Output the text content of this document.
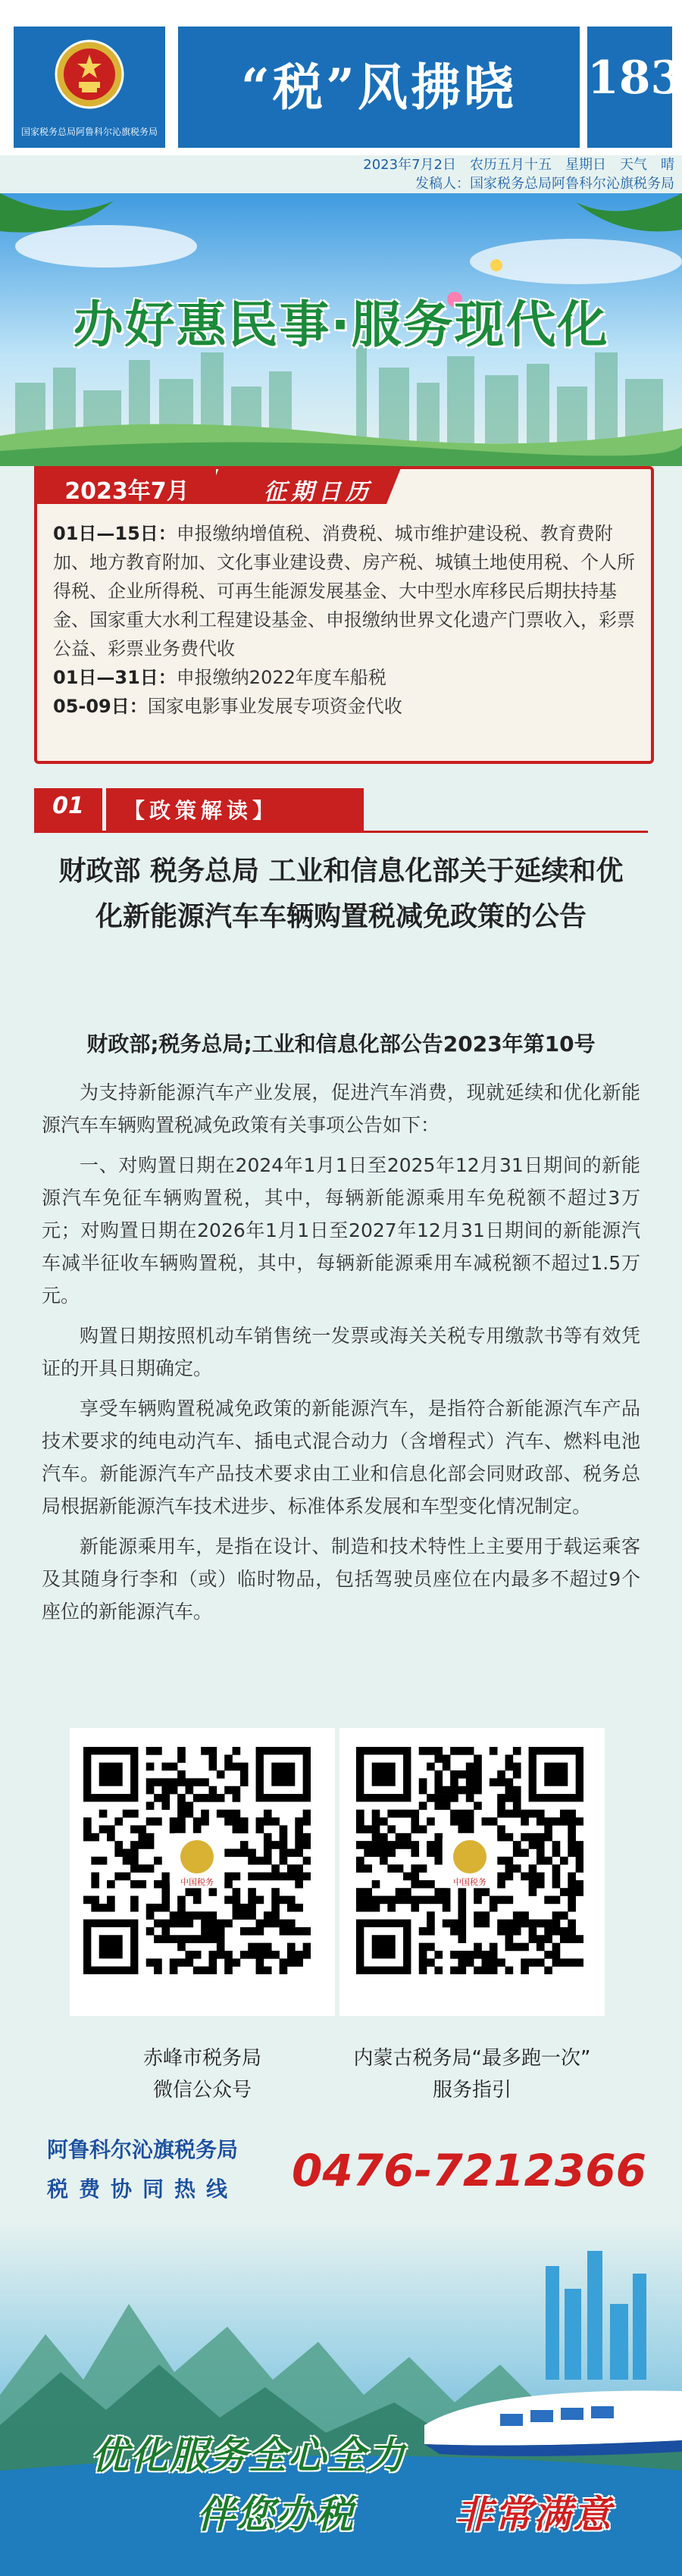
国家税务总局阿鲁科尔沁旗税务局
“税”风拂晓	183
2023年7月2日　农历五月十五　星期日　天气　晴
发稿人：国家税务总局阿鲁科尔沁旗税务局
办好惠民事·服务现代化
2023年7月	征期日历

01日—15日：申报缴纳增值税、消费税、城市维护建设税、教育费附加、地方教育附加、文化事业建设费、房产税、城镇土地使用税、个人所得税、企业所得税、可再生能源发展基金、大中型水库移民后期扶持基金、国家重大水利工程建设基金、申报缴纳世界文化遗产门票收入，彩票公益、彩票业务费代收

01日—31日：申报缴纳2022年度车船税

05-09日：国家电影事业发展专项资金代收

01	【政策解读】
财政部 税务总局 工业和信息化部关于延续和优化新能源汽车车辆购置税减免政策的公告
财政部;税务总局;工业和信息化部公告2023年第10号

为支持新能源汽车产业发展，促进汽车消费，现就延续和优化新能源汽车车辆购置税减免政策有关事项公告如下：

一、对购置日期在2024年1月1日至2025年12月31日期间的新能源汽车免征车辆购置税，其中，每辆新能源乘用车免税额不超过3万元；对购置日期在2026年1月1日至2027年12月31日期间的新能源汽车减半征收车辆购置税，其中，每辆新能源乘用车减税额不超过1.5万元。

购置日期按照机动车销售统一发票或海关关税专用缴款书等有效凭证的开具日期确定。

享受车辆购置税减免政策的新能源汽车，是指符合新能源汽车产品技术要求的纯电动汽车、插电式混合动力（含增程式）汽车、燃料电池汽车。新能源汽车产品技术要求由工业和信息化部会同财政部、税务总局根据新能源汽车技术进步、标准体系发展和车型变化情况制定。

新能源乘用车，是指在设计、制造和技术特性上主要用于载运乘客及其随身行李和（或）临时物品，包括驾驶员座位在内最多不超过9个座位的新能源汽车。

中国税务	中国税务
赤峰市税务局
微信公众号
内蒙古税务局“最多跑一次”
服务指引
阿鲁科尔沁旗税务局
税费协同热线	0476-7212366
优化服务全心全力
伴您办税	非常满意
